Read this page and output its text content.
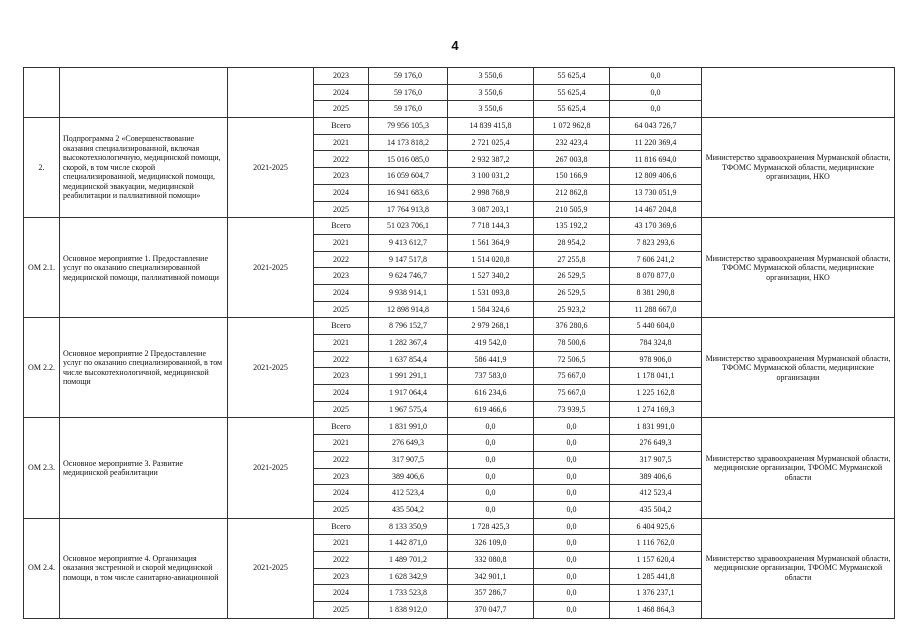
4
			2023	59 176,0	3 550,6	55 625,4	0,0	
			2024	59 176,0	3 550,6	55 625,4	0,0	
			2025	59 176,0	3 550,6	55 625,4	0,0	
2.	Подпрограмма 2 «Совершенствование оказания специализированной, включая высокотехнологичную, медицинской помощи, скорой, в том числе скорой специализированной, медицинской помощи, медицинской эвакуации, медицинской реабилитации и паллиативной помощи»	2021-2025	Всего	79 956 105,3	14 839 415,8	1 072 962,8	64 043 726,7	Министерство здравоохранения Мурманской области, ТФОМС Мурманской области, медицинские организации, НКО
			2021	14 173 818,2	2 721 025,4	232 423,4	11 220 369,4	
			2022	15 016 085,0	2 932 387,2	267 003,8	11 816 694,0	
			2023	16 059 604,7	3 100 031,2	150 166,9	12 809 406,6	
			2024	16 941 683,6	2 998 768,9	212 862,8	13 730 051,9	
			2025	17 764 913,8	3 087 203,1	210 505,9	14 467 204,8	
ОМ 2.1.	Основное мероприятие 1. Предоставление услуг по оказанию специализированной медицинской помощи, паллиативной помощи	2021-2025	Всего	51 023 706,1	7 718 144,3	135 192,2	43 170 369,6	Министерство здравоохранения Мурманской области, ТФОМС Мурманской области, медицинские организации, НКО
			2021	9 413 612,7	1 561 364,9	28 954,2	7 823 293,6	
			2022	9 147 517,8	1 514 020,8	27 255,8	7 606 241,2	
			2023	9 624 746,7	1 527 340,2	26 529,5	8 070 877,0	
			2024	9 938 914,1	1 531 093,8	26 529,5	8 381 290,8	
			2025	12 898 914,8	1 584 324,6	25 923,2	11 288 667,0	
ОМ 2.2.	Основное мероприятие 2 Предоставление услуг по оказанию специализированной, в том числе высокотехнологичной, медицинской помощи	2021-2025	Всего	8 796 152,7	2 979 268,1	376 280,6	5 440 604,0	Министерство здравоохранения Мурманской области, ТФОМС Мурманской области, медицинские организации
			2021	1 282 367,4	419 542,0	78 500,6	784 324,8	
			2022	1 637 854,4	586 441,9	72 506,5	978 906,0	
			2023	1 991 291,1	737 583,0	75 667,0	1 178 041,1	
			2024	1 917 064,4	616 234,6	75 667,0	1 225 162,8	
			2025	1 967 575,4	619 466,6	73 939,5	1 274 169,3	
ОМ 2.3.	Основное мероприятие 3. Развитие медицинской реабилитации	2021-2025	Всего	1 831 991,0	0,0	0,0	1 831 991,0	Министерство здравоохранения Мурманской области, медицинские организации, ТФОМС Мурманской области
			2021	276 649,3	0,0	0,0	276 649,3	
			2022	317 907,5	0,0	0,0	317 907,5	
			2023	389 406,6	0,0	0,0	389 406,6	
			2024	412 523,4	0,0	0,0	412 523,4	
			2025	435 504,2	0,0	0,0	435 504,2	
ОМ 2.4.	Основное мероприятие 4. Организация оказания экстренной и скорой медицинской помощи, в том числе санитарно-авиационной	2021-2025	Всего	8 133 350,9	1 728 425,3	0,0	6 404 925,6	Министерство здравоохранения Мурманской области, медицинские организации, ТФОМС Мурманской области
			2021	1 442 871,0	326 109,0	0,0	1 116 762,0	
			2022	1 489 701,2	332 080,8	0,0	1 157 620,4	
			2023	1 628 342,9	342 901,1	0,0	1 285 441,8	
			2024	1 733 523,8	357 286,7	0,0	1 376 237,1	
			2025	1 838 912,0	370 047,7	0,0	1 468 864,3	
